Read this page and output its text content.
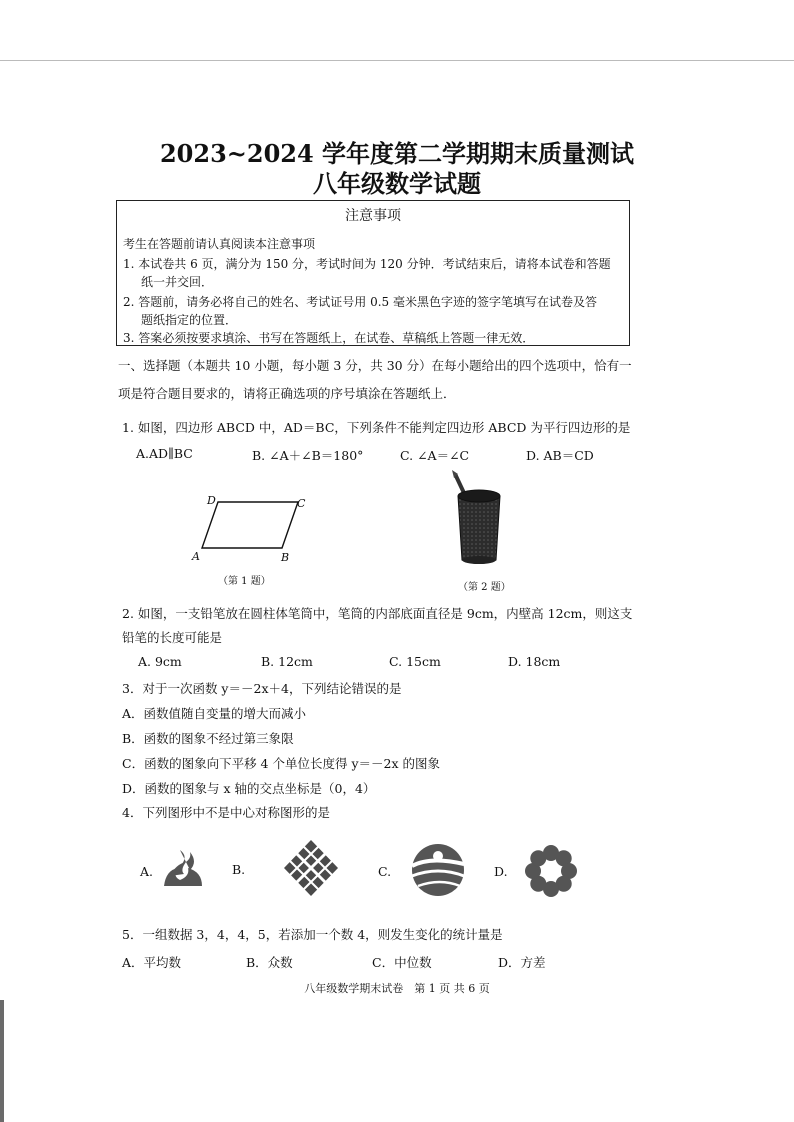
2023~2024 学年度第二学期期末质量测试
八年级数学试题
注意事项
考生在答题前请认真阅读本注意事项
1. 本试卷共 6 页，满分为 150 分，考试时间为 120 分钟．考试结束后，请将本试卷和答题
纸一并交回．
2. 答题前，请务必将自己的姓名、考试证号用 0.5 毫米黑色字迹的签字笔填写在试卷及答
题纸指定的位置．
3. 答案必须按要求填涂、书写在答题纸上，在试卷、草稿纸上答题一律无效．
一、选择题（本题共 10 小题，每小题 3 分，共 30 分）在每小题给出的四个选项中，恰有一
项是符合题目要求的，请将正确选项的序号填涂在答题纸上．
1. 如图，四边形 ABCD 中，AD＝BC，下列条件不能判定四边形 ABCD 为平行四边形的是
A.AD∥BC	B. ∠A＋∠B＝180°	C. ∠A＝∠C	D. AB＝CD
A	B
C
D
（第 1 题）
（第 2 题）
2. 如图，一支铅笔放在圆柱体笔筒中，笔筒的内部底面直径是 9cm，内壁高 12cm，则这支
铅笔的长度可能是
A. 9cm	B. 12cm	C. 15cm	D. 18cm
3．对于一次函数 y＝－2x＋4，下列结论错误的是
A．函数值随自变量的增大而减小
B．函数的图象不经过第三象限
C．函数的图象向下平移 4 个单位长度得 y＝－2x 的图象
D．函数的图象与 x 轴的交点坐标是（0，4）
4．下列图形中不是中心对称图形的是
A.	B.	C.	D.
5．一组数据 3，4，4，5，若添加一个数 4，则发生变化的统计量是
A．平均数	B．众数	C．中位数	D．方差
八年级数学期末试卷　第 1 页 共 6 页
